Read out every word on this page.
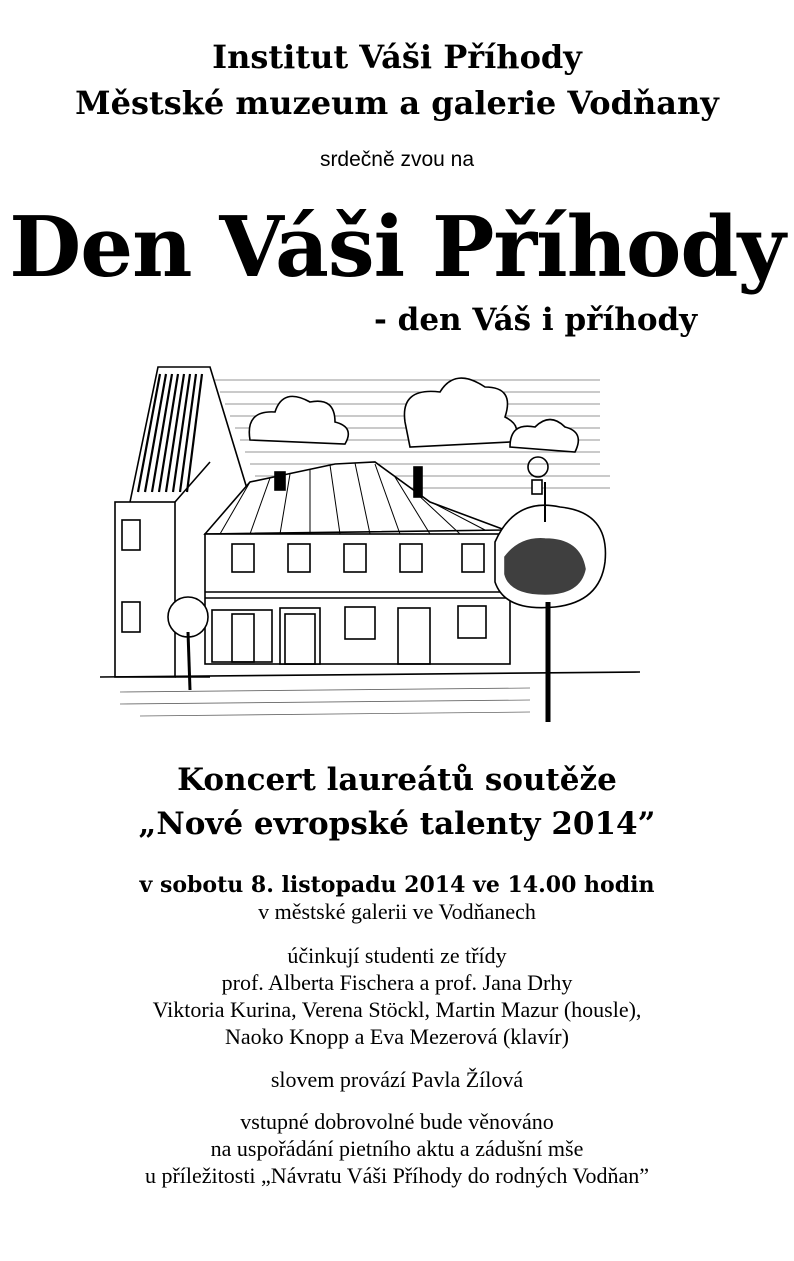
Institut Váši Příhody
Městské muzeum a galerie Vodňany
srdečně zvou na
Den Váši Příhody
- den Váš i příhody
Koncert laureátů soutěže
„Nové evropské talenty 2014”
v sobotu 8. listopadu 2014 ve 14.00 hodin
v městské galerii ve Vodňanech
účinkují studenti ze třídy
prof. Alberta Fischera a prof. Jana Drhy
Viktoria Kurina, Verena Stöckl, Martin Mazur (housle),
Naoko Knopp a Eva Mezerová (klavír)
slovem provází Pavla Žílová
vstupné dobrovolné bude věnováno
na uspořádání pietního aktu a zádušní mše
u příležitosti „Návratu Váši Příhody do rodných Vodňan”
